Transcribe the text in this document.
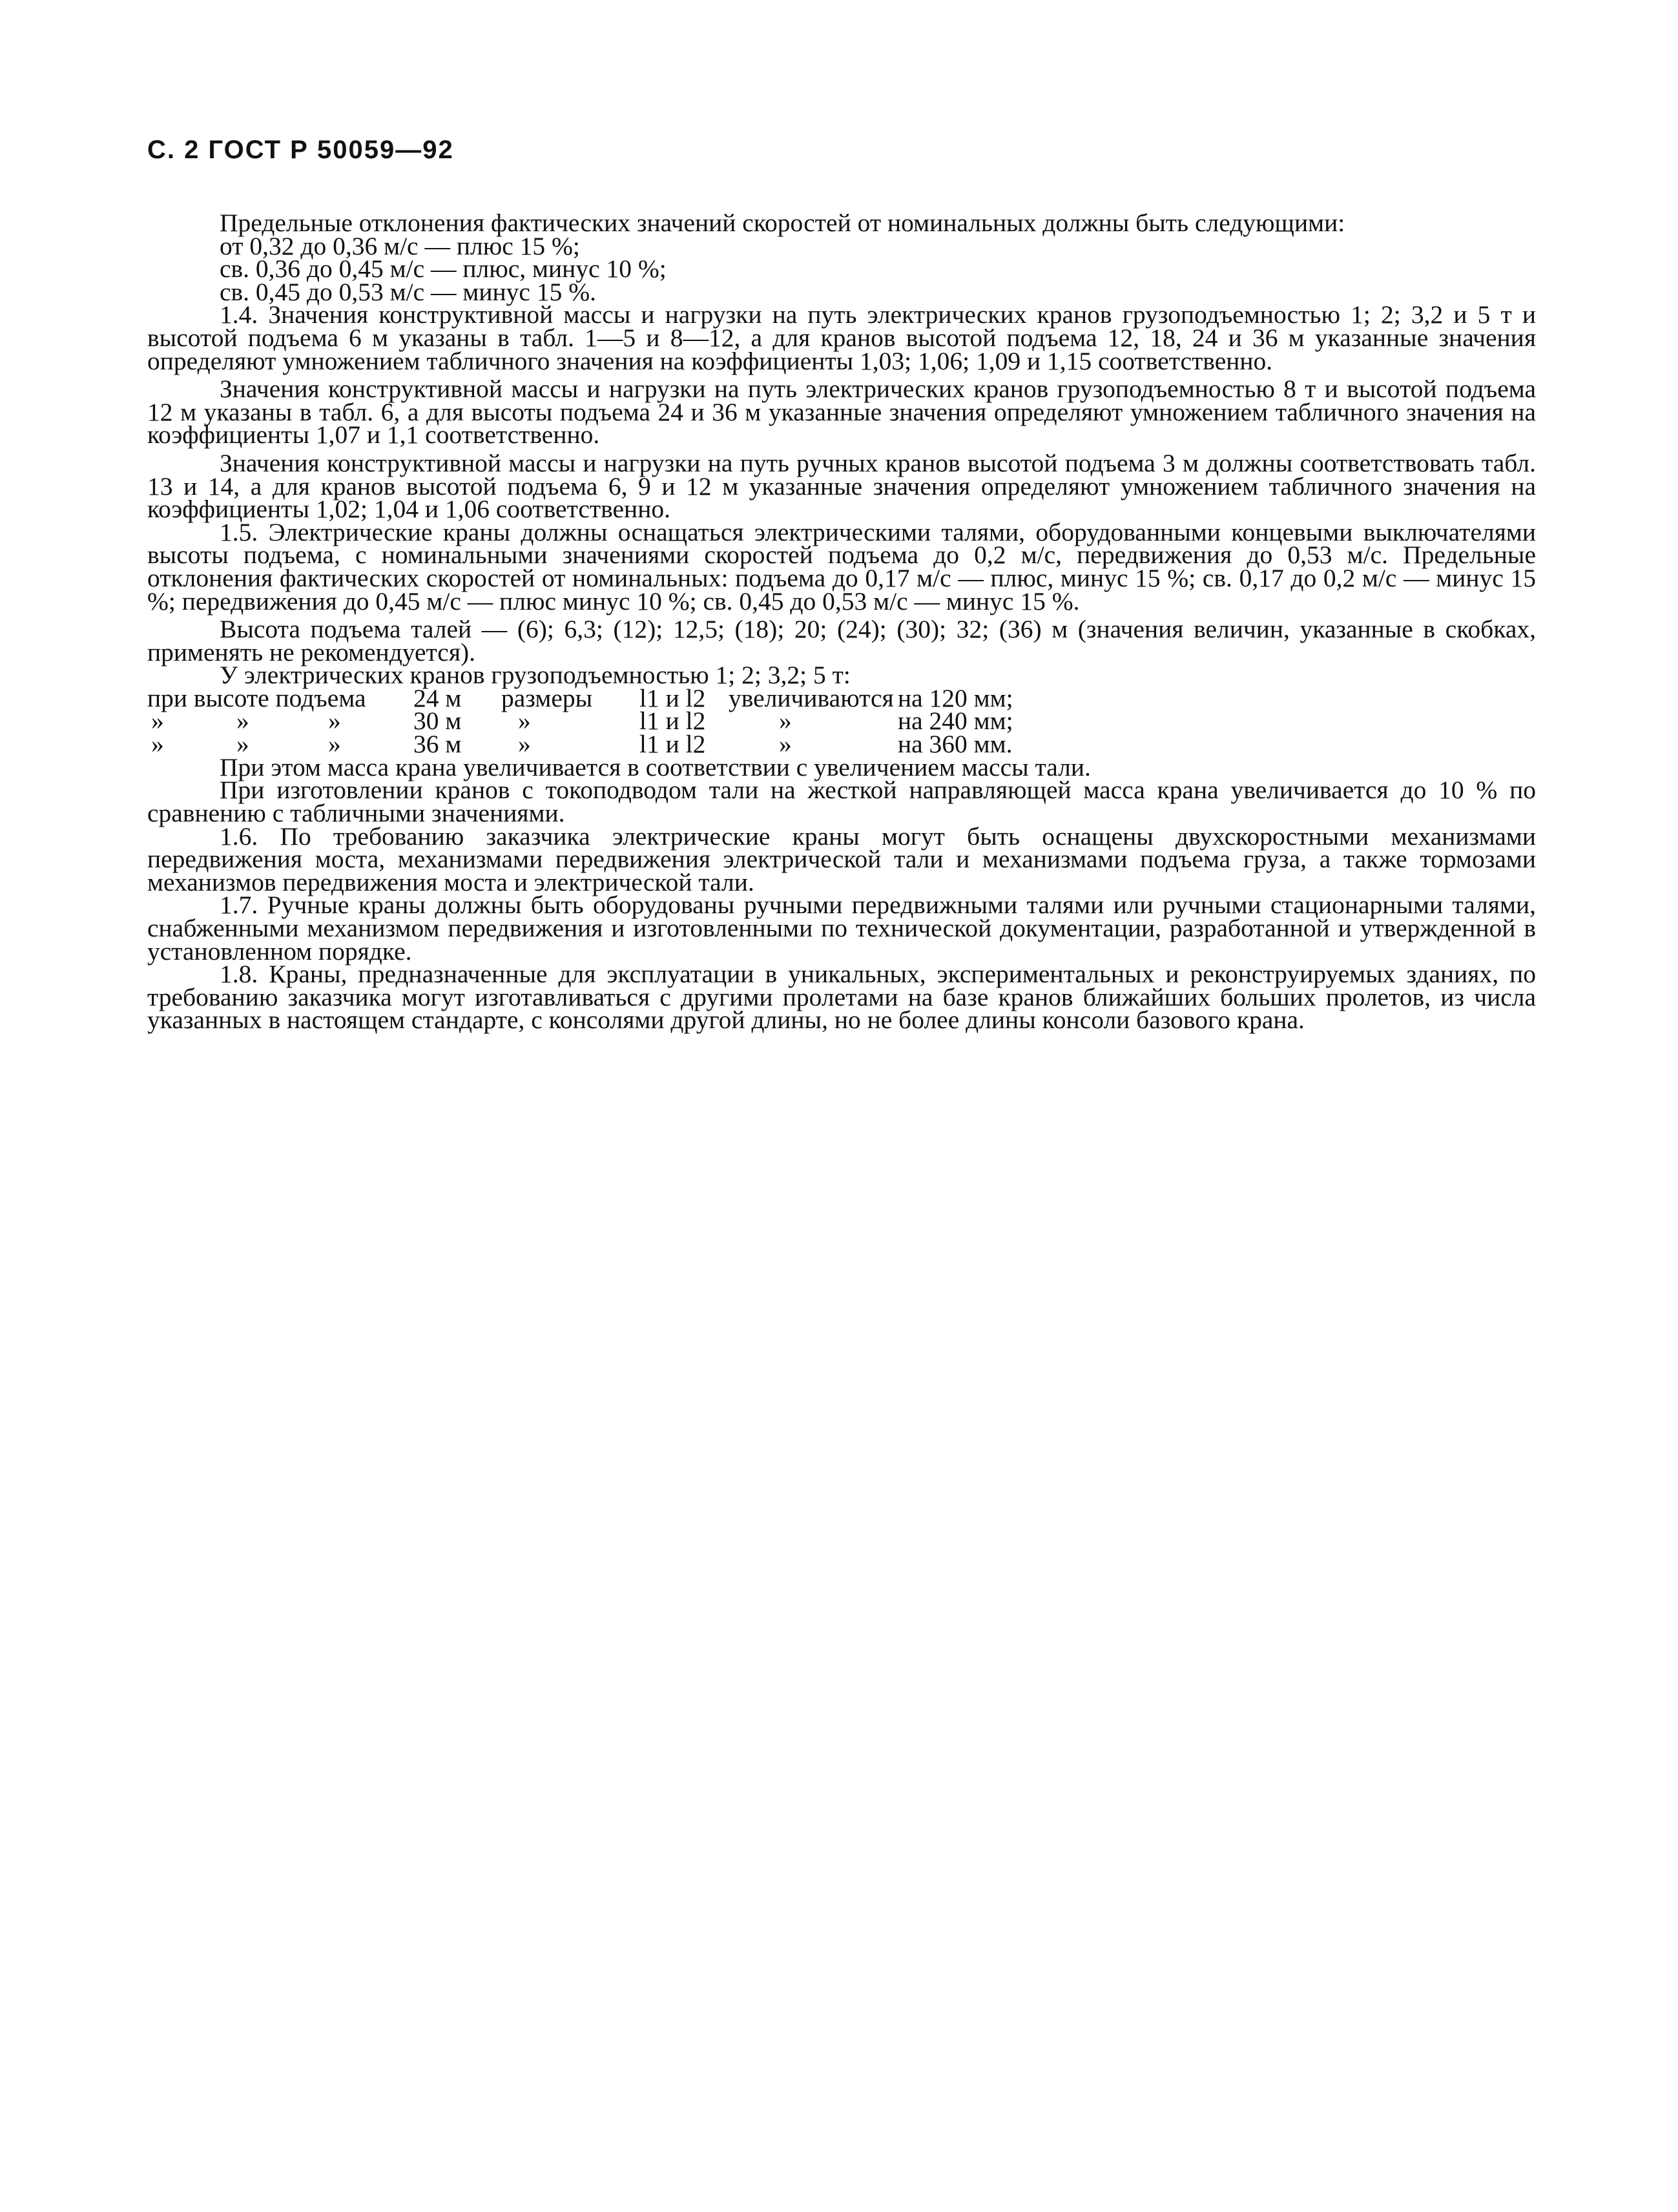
С. 2 ГОСТ Р 50059—92

Предельные отклонения фактических значений скоростей от номинальных должны быть следующими:

от 0,32 до 0,36 м/с — плюс 15 %;

св. 0,36 до 0,45 м/с — плюс, минус 10 %;

св. 0,45 до 0,53 м/с — минус 15 %.

1.4. Значения конструктивной массы и нагрузки на путь электрических кранов грузоподъемностью 1; 2; 3,2 и 5 т и высотой подъема 6 м указаны в табл. 1—5 и 8—12, а для кранов высотой подъема 12, 18, 24 и 36 м указанные значения определяют умножением табличного значения на коэффициенты 1,03; 1,06; 1,09 и 1,15 соответственно.

Значения конструктивной массы и нагрузки на путь электрических кранов грузоподъемностью 8 т и высотой подъема 12 м указаны в табл. 6, а для высоты подъема 24 и 36 м указанные значения определяют умножением табличного значения на коэффициенты 1,07 и 1,1 соответственно.

Значения конструктивной массы и нагрузки на путь ручных кранов высотой подъема 3 м должны соответствовать табл. 13 и 14, а для кранов высотой подъема 6, 9 и 12 м указанные значения определяют умножением табличного значения на коэффициенты 1,02; 1,04 и 1,06 соответственно.

1.5. Электрические краны должны оснащаться электрическими талями, оборудованными концевыми выключателями высоты подъема, с номинальными значениями скоростей подъема до 0,2 м/с, передвижения до 0,53 м/с. Предельные отклонения фактических скоростей от номинальных: подъема до 0,17 м/с — плюс, минус 15 %; св. 0,17 до 0,2 м/с — минус 15 %; передвижения до 0,45 м/с — плюс минус 10 %; св. 0,45 до 0,53 м/с — минус 15 %.

Высота подъема талей — (6); 6,3; (12); 12,5; (18); 20; (24); (30); 32; (36) м (значения величин, указанные в скобках, применять не рекомендуется).

У электрических кранов грузоподъемностью 1; 2; 3,2; 5 т:

при высоте подъема 24 м размеры l1 и l2 увеличиваются на 120 мм;
»	»	»	30 м »	l1 и l2	»	на 240 мм;
»	»	»	36 м »	l1 и l2	»	на 360 мм.

При этом масса крана увеличивается в соответствии с увеличением массы тали.

При изготовлении кранов с токоподводом тали на жесткой направляющей масса крана увеличивается до 10 % по сравнению с табличными значениями.

1.6. По требованию заказчика электрические краны могут быть оснащены двухскоростными механизмами передвижения моста, механизмами передвижения электрической тали и механизмами подъема груза, а также тормозами механизмов передвижения моста и электрической тали.

1.7. Ручные краны должны быть оборудованы ручными передвижными талями или ручными стационарными талями, снабженными механизмом передвижения и изготовленными по технической документации, разработанной и утвержденной в установленном порядке.

1.8. Краны, предназначенные для эксплуатации в уникальных, экспериментальных и реконструируемых зданиях, по требованию заказчика могут изготавливаться с другими пролетами на базе кранов ближайших больших пролетов, из числа указанных в настоящем стандарте, с консолями другой длины, но не более длины консоли базового крана.
